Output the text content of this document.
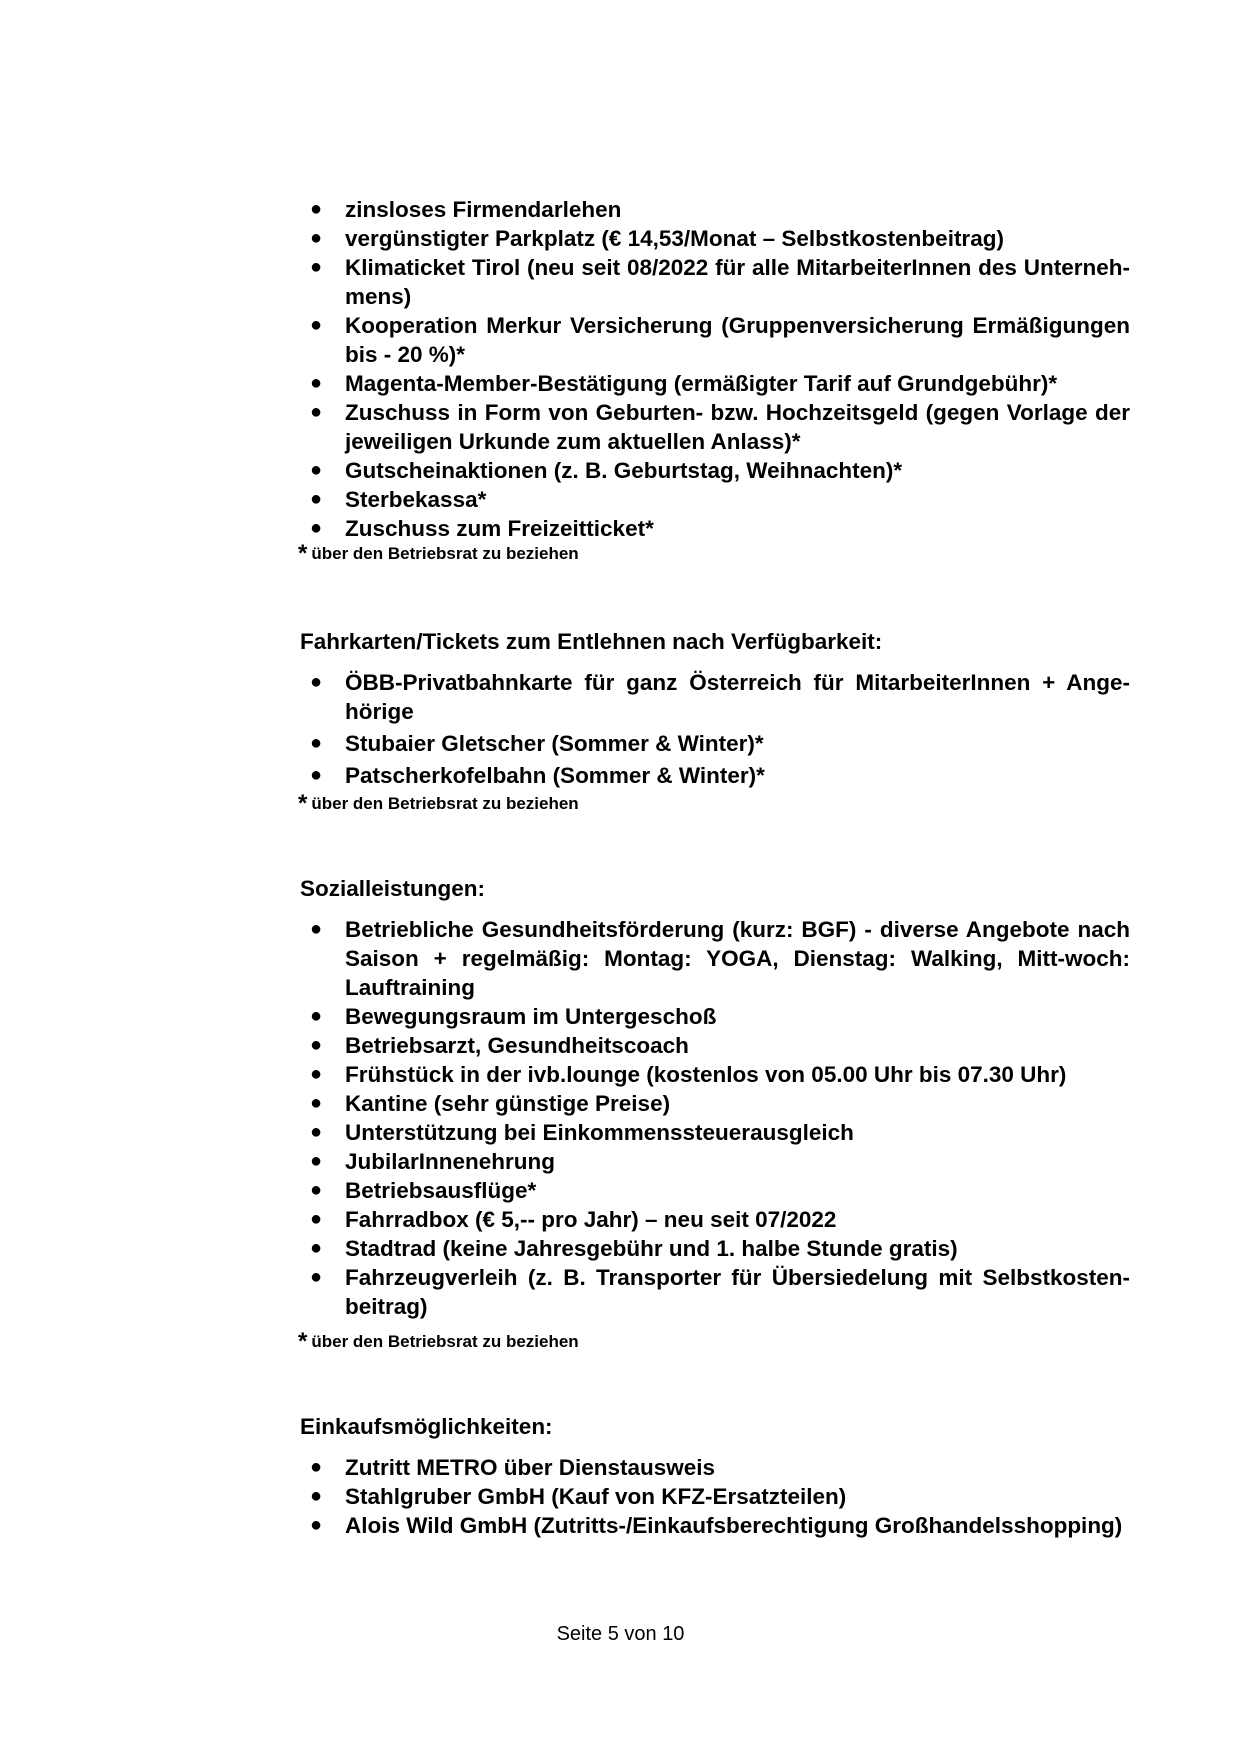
● zinsloses Firmendarlehen
● vergünstigter Parkplatz (€ 14,53/Monat – Selbstkostenbeitrag)
● Klimaticket Tirol (neu seit 08/2022 für alle MitarbeiterInnen des Unterneh-mens)
● Kooperation Merkur Versicherung (Gruppenversicherung Ermäßigungen bis - 20 %)*
● Magenta-Member-Bestätigung (ermäßigter Tarif auf Grundgebühr)*
● Zuschuss in Form von Geburten- bzw. Hochzeitsgeld (gegen Vorlage der jeweiligen Urkunde zum aktuellen Anlass)*
● Gutscheinaktionen (z. B. Geburtstag, Weihnachten)*
● Sterbekassa*
● Zuschuss zum Freizeitticket*
* über den Betriebsrat zu beziehen
Fahrkarten/Tickets zum Entlehnen nach Verfügbarkeit:
● ÖBB-Privatbahnkarte für ganz Österreich für MitarbeiterInnen + Ange-hörige
● Stubaier Gletscher (Sommer & Winter)*
● Patscherkofelbahn (Sommer & Winter)*
* über den Betriebsrat zu beziehen
Sozialleistungen:
● Betriebliche Gesundheitsförderung (kurz: BGF) - diverse Angebote nach Saison + regelmäßig: Montag: YOGA, Dienstag: Walking, Mitt-woch: Lauftraining
● Bewegungsraum im Untergeschoß
● Betriebsarzt, Gesundheitscoach
● Frühstück in der ivb.lounge (kostenlos von 05.00 Uhr bis 07.30 Uhr)
● Kantine (sehr günstige Preise)
● Unterstützung bei Einkommenssteuerausgleich
● JubilarInnenehrung
● Betriebsausflüge*
● Fahrradbox (€ 5,-- pro Jahr) – neu seit 07/2022
● Stadtrad (keine Jahresgebühr und 1. halbe Stunde gratis)
● Fahrzeugverleih (z. B. Transporter für Übersiedelung mit Selbstkosten-beitrag)
* über den Betriebsrat zu beziehen
Einkaufsmöglichkeiten:
● Zutritt METRO über Dienstausweis
● Stahlgruber GmbH (Kauf von KFZ-Ersatzteilen)
● Alois Wild GmbH (Zutritts-/Einkaufsberechtigung Großhandelsshopping)
Seite 5 von 10
